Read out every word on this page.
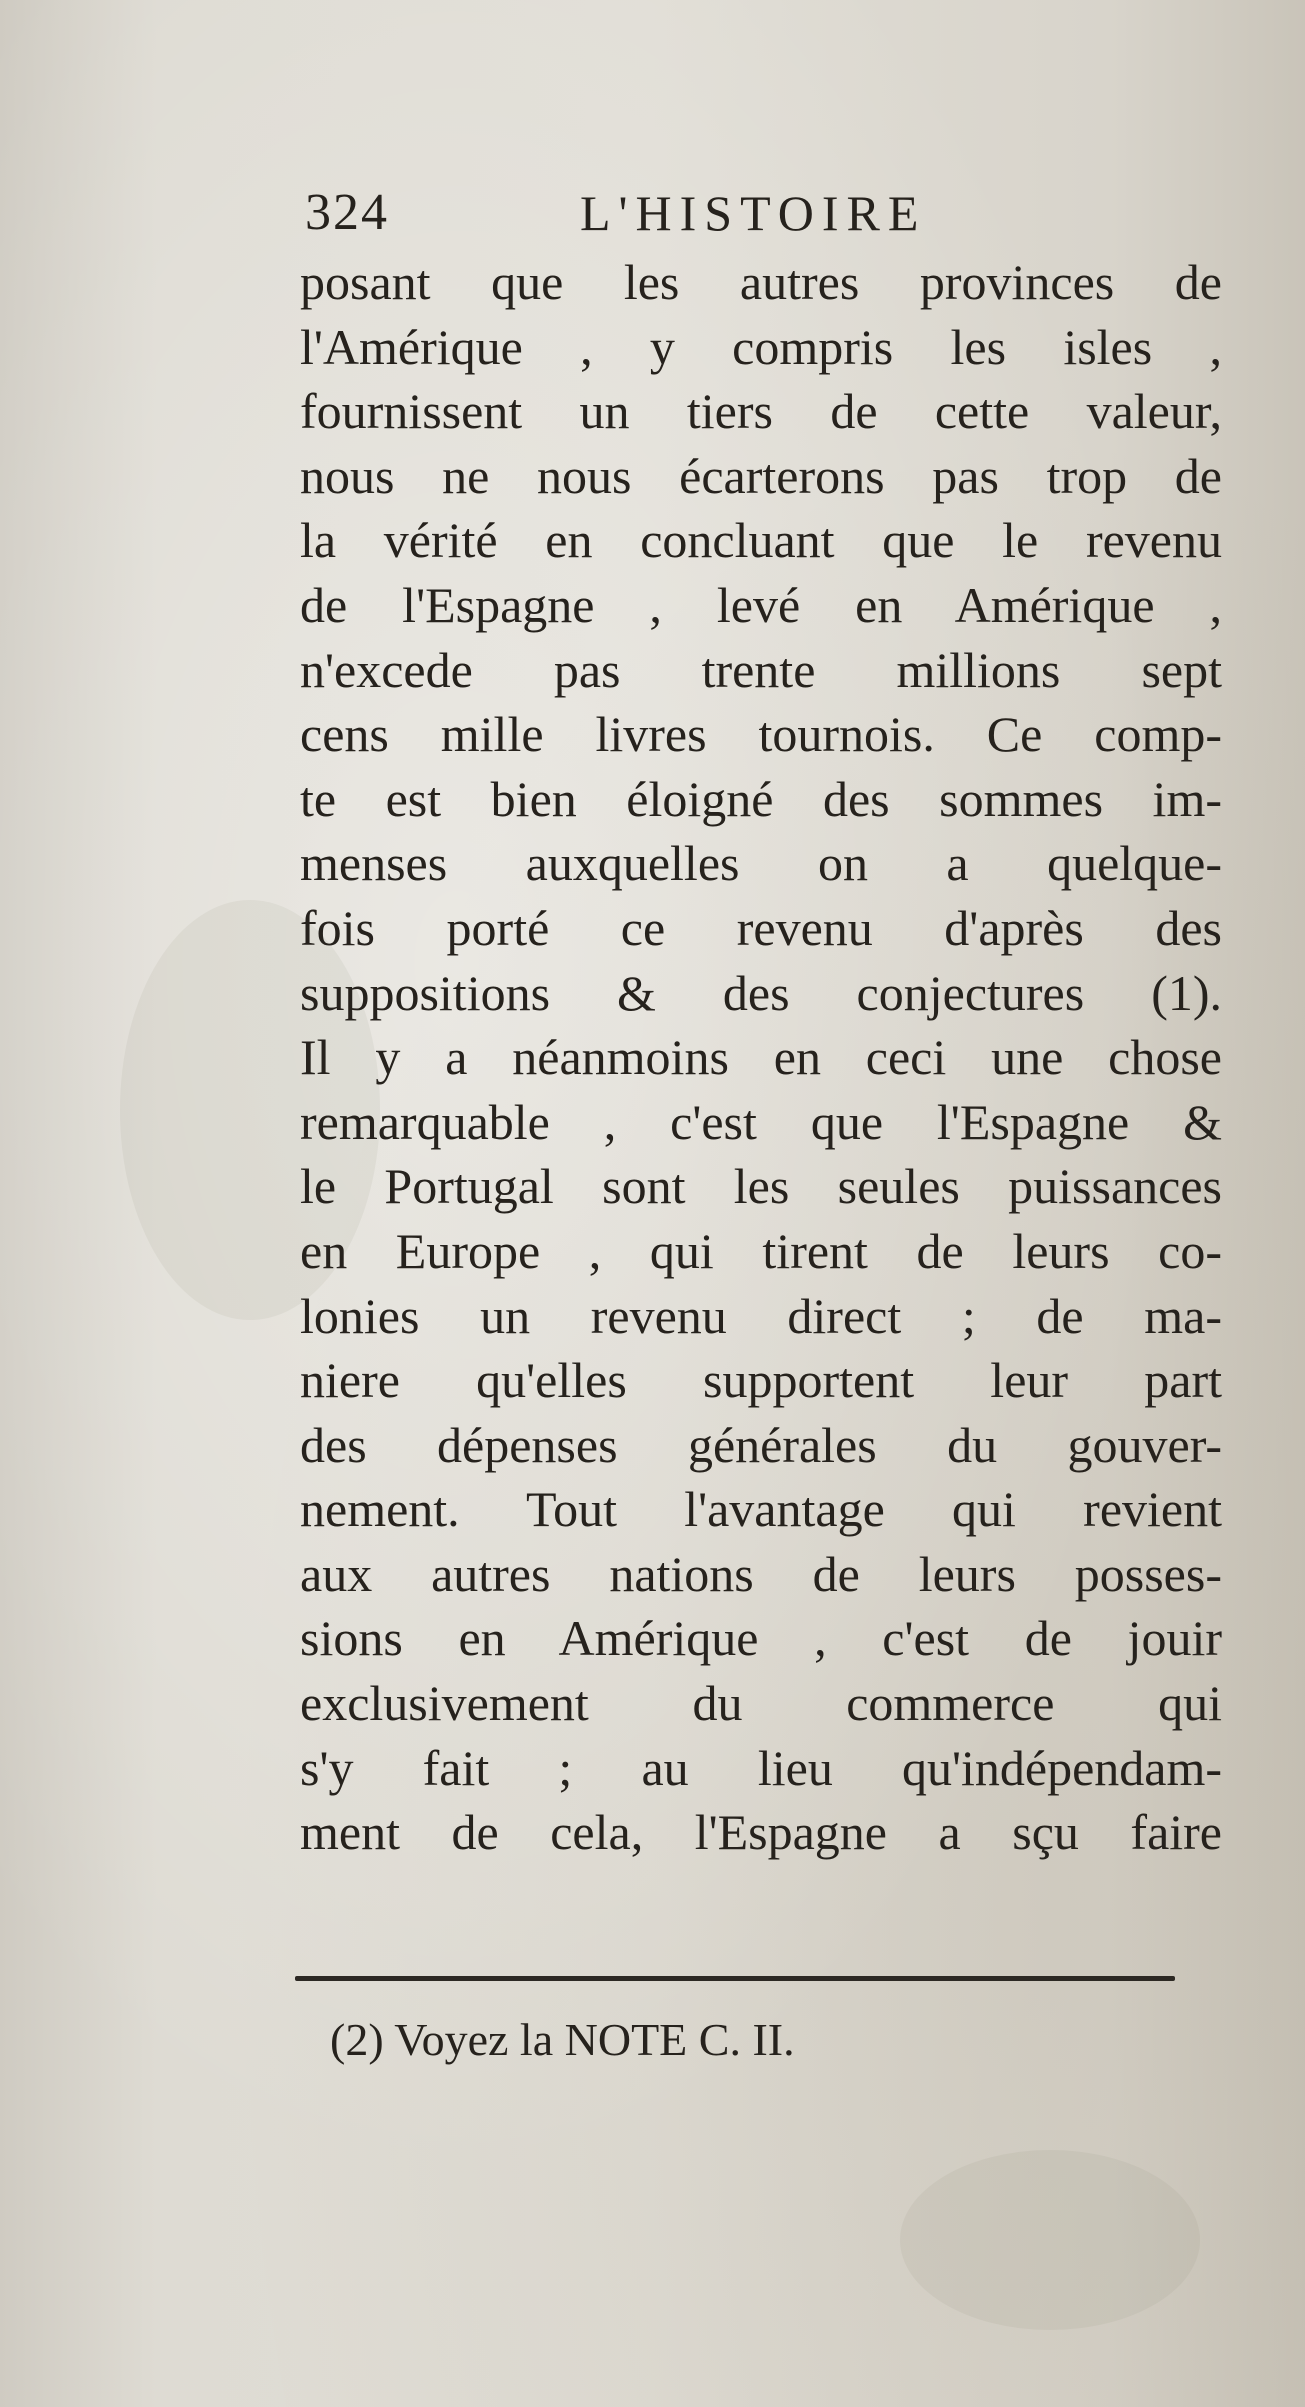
324	L'HISTOIRE
posant que les autres provinces de
l'Amérique , y compris les isles ,
fournissent un tiers de cette valeur,
nous ne nous écarterons pas trop de
la vérité en concluant que le revenu
de l'Espagne , levé en Amérique ,
n'excede pas trente millions sept
cens mille livres tournois. Ce comp-
te est bien éloigné des sommes im-
menses auxquelles on a quelque-
fois porté ce revenu d'après des
suppositions & des conjectures (1).
Il y a néanmoins en ceci une chose
remarquable , c'est que l'Espagne &
le Portugal sont les seules puissances
en Europe , qui tirent de leurs co-
lonies un revenu direct ; de ma-
niere qu'elles supportent leur part
des dépenses générales du gouver-
nement. Tout l'avantage qui revient
aux autres nations de leurs posses-
sions en Amérique , c'est de jouir
exclusivement du commerce qui
s'y fait ; au lieu qu'indépendam-
ment de cela, l'Espagne a sçu faire
(2) Voyez la NOTE C. II.
